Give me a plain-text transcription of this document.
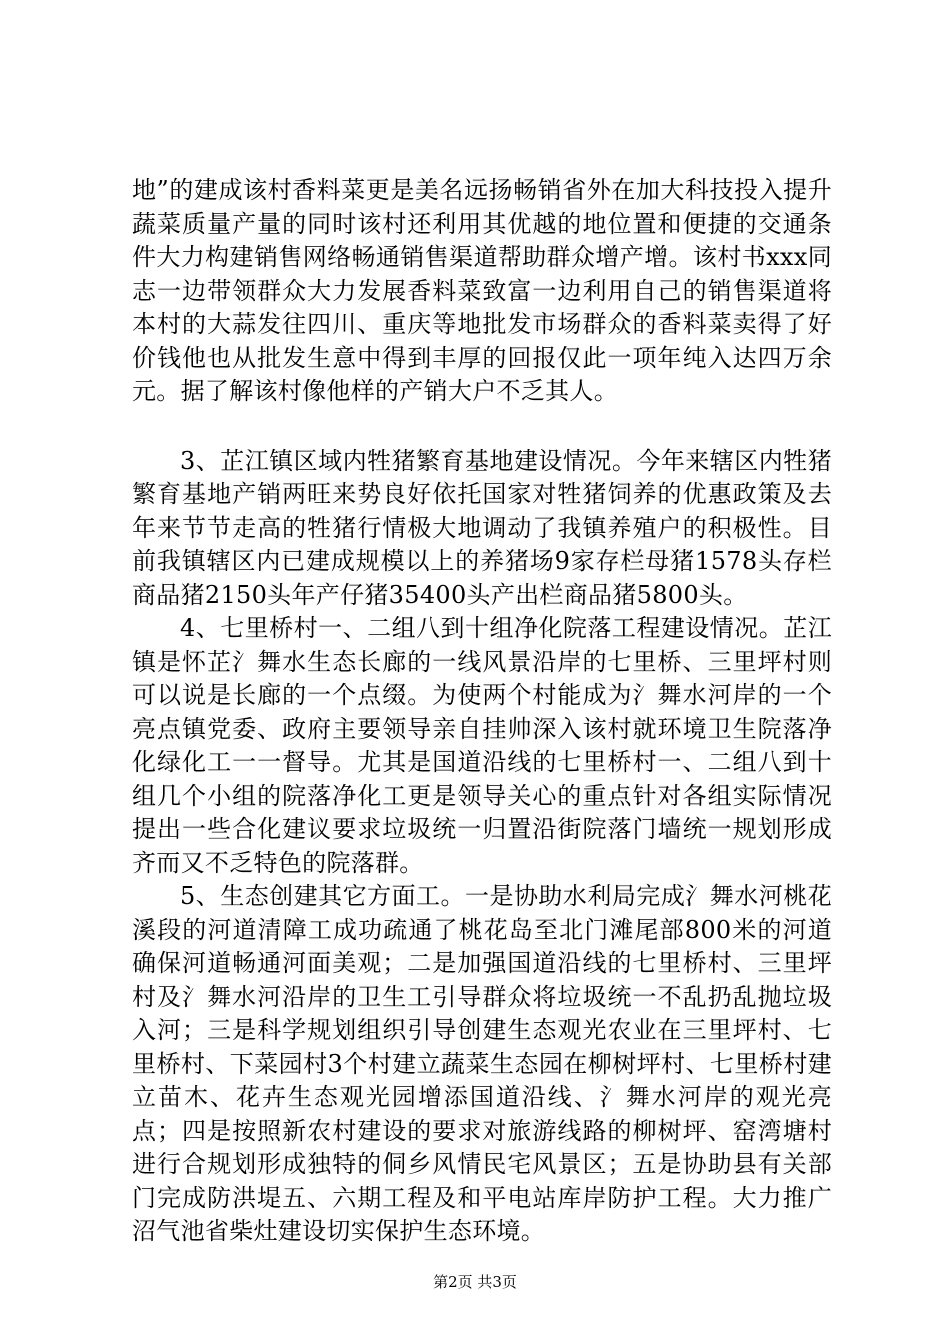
地”的建成该村香料菜更是美名远扬畅销省外在加大科技投入提升蔬菜质量产量的同时该村还利用其优越的地位置和便捷的交通条件大力构建销售网络畅通销售渠道帮助群众增产增。该村书xxx同志一边带领群众大力发展香料菜致富一边利用自己的销售渠道将本村的大蒜发往四川、重庆等地批发市场群众的香料菜卖得了好价钱他也从批发生意中得到丰厚的回报仅此一项年纯入达四万余元。据了解该村像他样的产销大户不乏其人。

3、芷江镇区域内牲猪繁育基地建设情况。今年来辖区内牲猪繁育基地产销两旺来势良好依托国家对牲猪饲养的优惠政策及去年来节节走高的牲猪行情极大地调动了我镇养殖户的积极性。目前我镇辖区内已建成规模以上的养猪场9家存栏母猪1578头存栏商品猪2150头年产仔猪35400头产出栏商品猪5800头。

4、七里桥村一、二组八到十组净化院落工程建设情况。芷江镇是怀芷氵舞水生态长廊的一线风景沿岸的七里桥、三里坪村则可以说是长廊的一个点缀。为使两个村能成为氵舞水河岸的一个亮点镇党委、政府主要领导亲自挂帅深入该村就环境卫生院落净化绿化工一一督导。尤其是国道沿线的七里桥村一、二组八到十组几个小组的院落净化工更是领导关心的重点针对各组实际情况提出一些合化建议要求垃圾统一归置沿街院落门墙统一规划形成齐而又不乏特色的院落群。

5、生态创建其它方面工。一是协助水利局完成氵舞水河桃花溪段的河道清障工成功疏通了桃花岛至北门滩尾部800米的河道确保河道畅通河面美观；二是加强国道沿线的七里桥村、三里坪村及氵舞水河沿岸的卫生工引导群众将垃圾统一不乱扔乱抛垃圾入河；三是科学规划组织引导创建生态观光农业在三里坪村、七里桥村、下菜园村3个村建立蔬菜生态园在柳树坪村、七里桥村建立苗木、花卉生态观光园增添国道沿线、氵舞水河岸的观光亮点；四是按照新农村建设的要求对旅游线路的柳树坪、窑湾塘村进行合规划形成独特的侗乡风情民宅风景区；五是协助县有关部门完成防洪堤五、六期工程及和平电站库岸防护工程。大力推广沼气池省柴灶建设切实保护生态环境。

第2页 共3页
